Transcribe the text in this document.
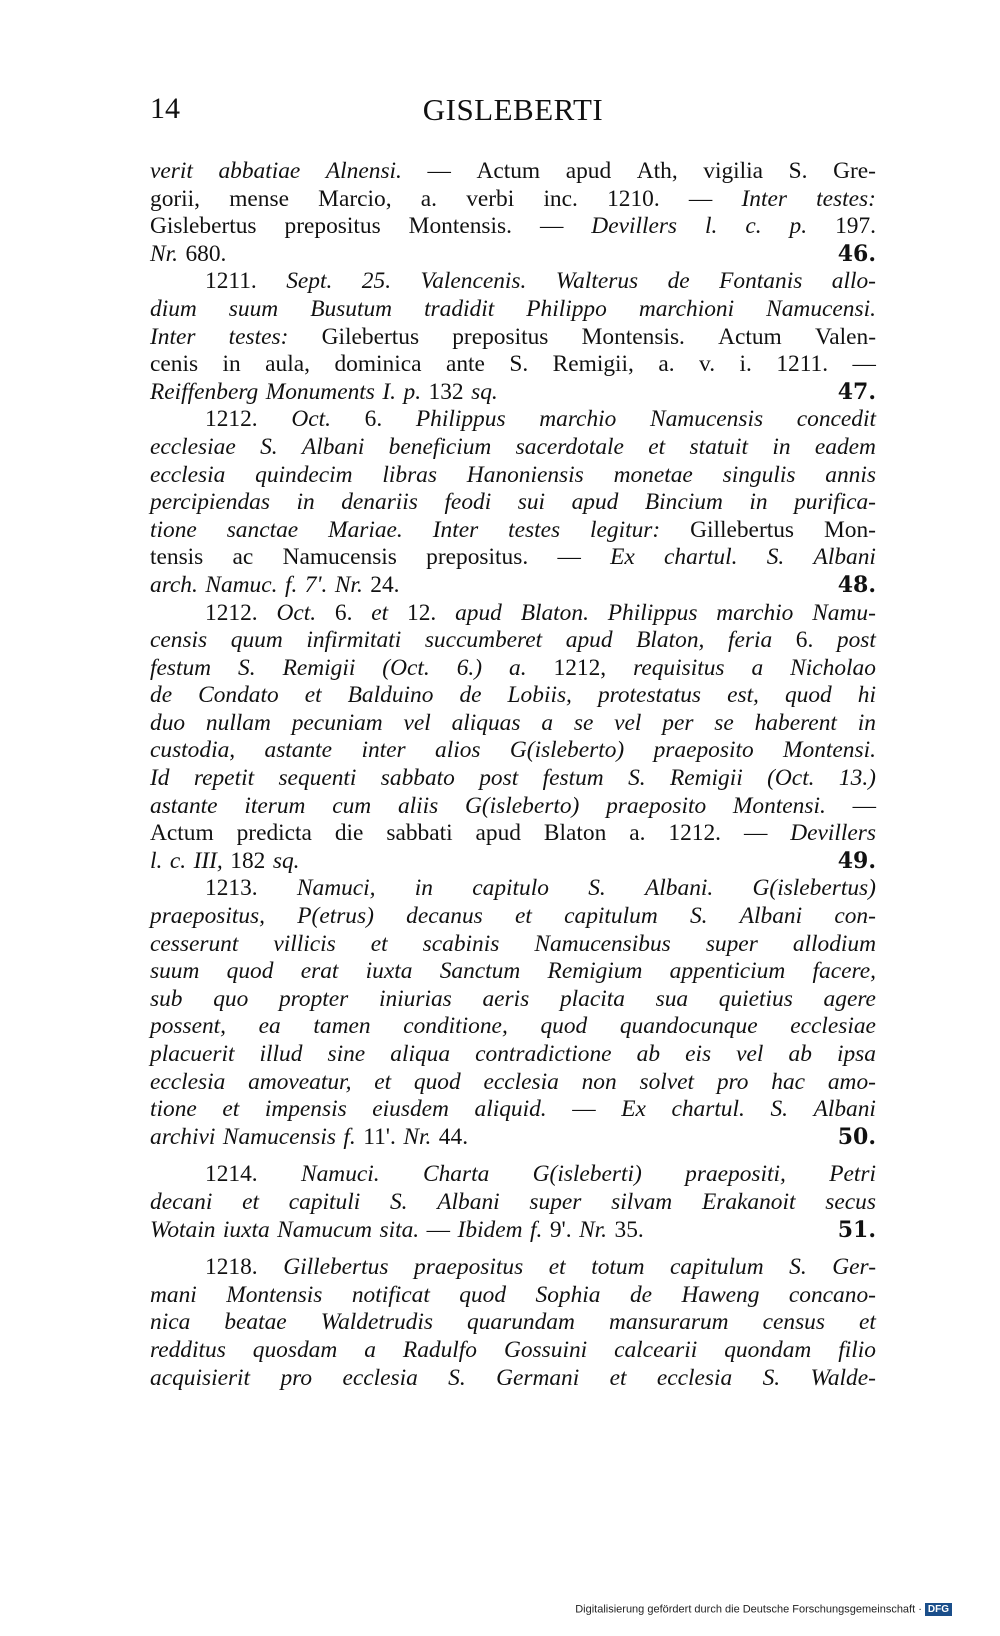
14	GISLEBERTI
verit abbatiae Alnensi. — Actum apud Ath, vigilia S. Gre-
gorii, mense Marcio, a. verbi inc. 1210. — Inter testes:
Gislebertus prepositus Montensis. — Devillers l. c. p. 197.
Nr. 680.	46.
1211. Sept. 25. Valencenis. Walterus de Fontanis allo-
dium suum Busutum tradidit Philippo marchioni Namucensi.
Inter testes: Gilebertus prepositus Montensis. Actum Valen-
cenis in aula, dominica ante S. Remigii, a. v. i. 1211. —
Reiffenberg Monuments I. p. 132 sq.	47.
1212. Oct. 6. Philippus marchio Namucensis concedit
ecclesiae S. Albani beneficium sacerdotale et statuit in eadem
ecclesia quindecim libras Hanoniensis monetae singulis annis
percipiendas in denariis feodi sui apud Bincium in purifica-
tione sanctae Mariae. Inter testes legitur: Gillebertus Mon-
tensis ac Namucensis prepositus. — Ex chartul. S. Albani
arch. Namuc. f. 7'. Nr. 24.	48.
1212. Oct. 6. et 12. apud Blaton. Philippus marchio Namu-
censis quum infirmitati succumberet apud Blaton, feria 6. post
festum S. Remigii (Oct. 6.) a. 1212, requisitus a Nicholao
de Condato et Balduino de Lobiis, protestatus est, quod hi
duo nullam pecuniam vel aliquas a se vel per se haberent in
custodia, astante inter alios G(isleberto) praeposito Montensi.
Id repetit sequenti sabbato post festum S. Remigii (Oct. 13.)
astante iterum cum aliis G(isleberto) praeposito Montensi. —
Actum predicta die sabbati apud Blaton a. 1212. — Devillers
l. c. III, 182 sq.	49.
1213. Namuci, in capitulo S. Albani. G(islebertus)
praepositus, P(etrus) decanus et capitulum S. Albani con-
cesserunt villicis et scabinis Namucensibus super allodium
suum quod erat iuxta Sanctum Remigium appenticium facere,
sub quo propter iniurias aeris placita sua quietius agere
possent, ea tamen conditione, quod quandocunque ecclesiae
placuerit illud sine aliqua contradictione ab eis vel ab ipsa
ecclesia amoveatur, et quod ecclesia non solvet pro hac amo-
tione et impensis eiusdem aliquid. — Ex chartul. S. Albani
archivi Namucensis f. 11'. Nr. 44.	50.
1214. Namuci. Charta G(isleberti) praepositi, Petri
decani et capituli S. Albani super silvam Erakanoit secus
Wotain iuxta Namucum sita. — Ibidem f. 9'. Nr. 35.	51.
1218. Gillebertus praepositus et totum capitulum S. Ger-
mani Montensis notificat quod Sophia de Haweng concano-
nica beatae Waldetrudis quarundam mansurarum census et
redditus quosdam a Radulfo Gossuini calcearii quondam filio
acquisierit pro ecclesia S. Germani et ecclesia S. Walde-
Digitalisierung gefördert durch die Deutsche Forschungsgemeinschaft · DFG
